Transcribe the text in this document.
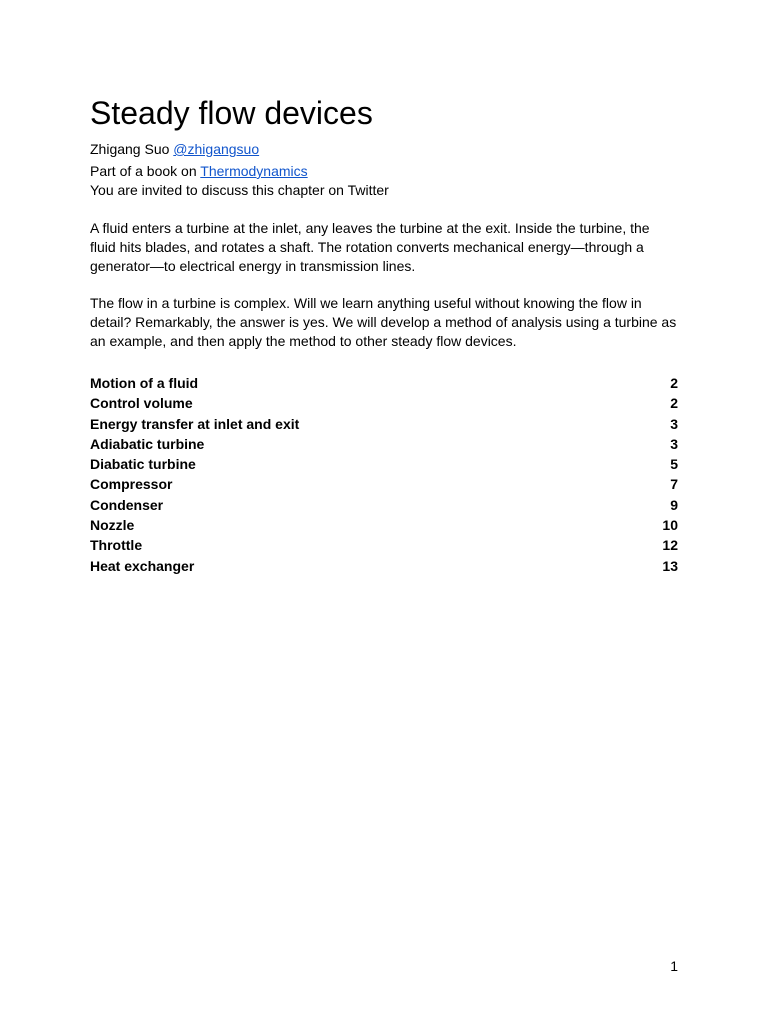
Steady flow devices
Zhigang Suo @zhigangsuo
Part of a book on Thermodynamics
You are invited to discuss this chapter on Twitter

A fluid enters a turbine at the inlet, any leaves the turbine at the exit. Inside the turbine, the fluid hits blades, and rotates a shaft. The rotation converts mechanical energy—through a generator—to electrical energy in transmission lines.

The flow in a turbine is complex. Will we learn anything useful without knowing the flow in detail? Remarkably, the answer is yes. We will develop a method of analysis using a turbine as an example, and then apply the method to other steady flow devices.

Motion of a fluid	2
Control volume	2
Energy transfer at inlet and exit	3
Adiabatic turbine	3
Diabatic turbine	5
Compressor	7
Condenser	9
Nozzle	10
Throttle	12
Heat exchanger	13
1
